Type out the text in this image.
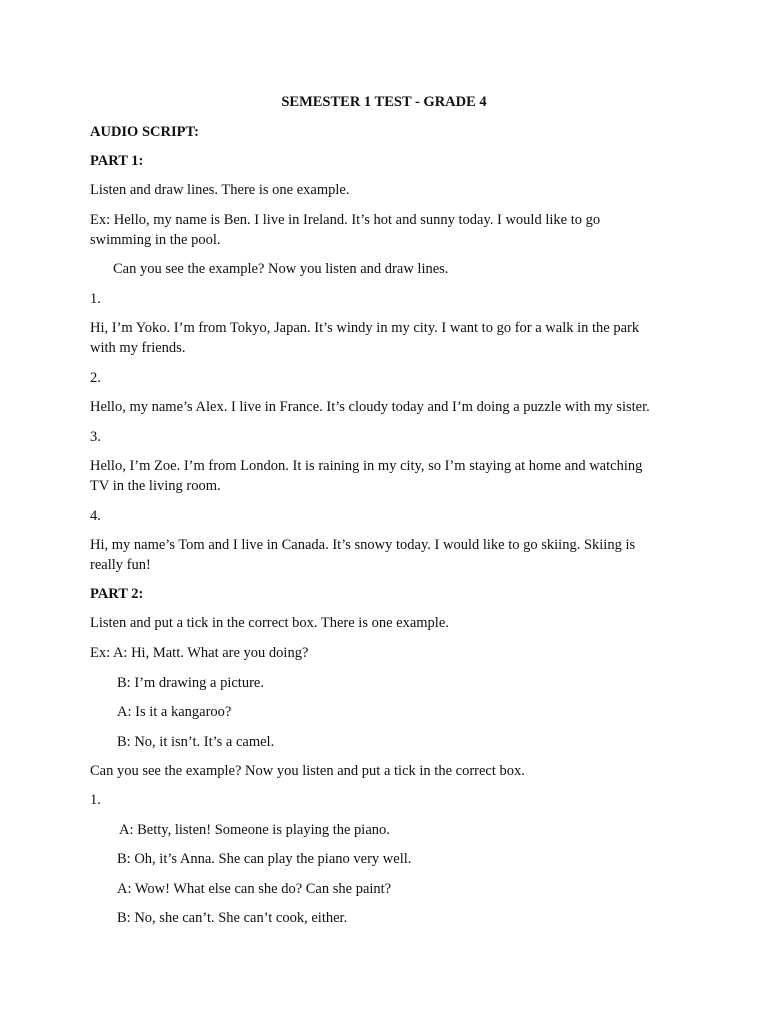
SEMESTER 1 TEST - GRADE 4
AUDIO SCRIPT:
PART 1:
Listen and draw lines. There is one example.
Ex: Hello, my name is Ben. I live in Ireland. It’s hot and sunny today. I would like to go
swimming in the pool.
Can you see the example? Now you listen and draw lines.
1.
Hi, I’m Yoko. I’m from Tokyo, Japan. It’s windy in my city. I want to go for a walk in the park
with my friends.
2.
Hello, my name’s Alex. I live in France. It’s cloudy today and I’m doing a puzzle with my sister.
3.
Hello, I’m Zoe. I’m from London. It is raining in my city, so I’m staying at home and watching
TV in the living room.
4.
Hi, my name’s Tom and I live in Canada. It’s snowy today. I would like to go skiing. Skiing is
really fun!
PART 2:
Listen and put a tick in the correct box. There is one example.
Ex: A: Hi, Matt. What are you doing?
B: I’m drawing a picture.
A: Is it a kangaroo?
B: No, it isn’t. It’s a camel.
Can you see the example? Now you listen and put a tick in the correct box.
1.
A: Betty, listen! Someone is playing the piano.
B: Oh, it’s Anna. She can play the piano very well.
A: Wow! What else can she do? Can she paint?
B: No, she can’t. She can’t cook, either.
